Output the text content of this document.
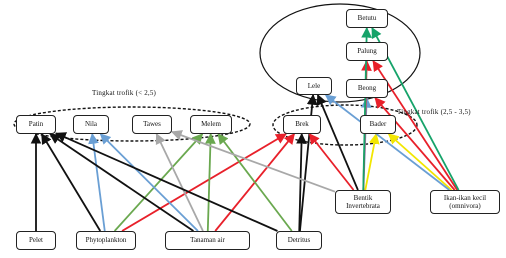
Tingkat trofik (< 2,5)
Tingkat trofik (2,5 - 3,5)
Betutu
Palung
Beong
Lele
Patin	Nila	Tawes	Melem	Brek	Bader
Bentik
Invertebrata
Ikan-ikan kecil
(omnivora)
Pelet	Phytoplankton	Tanaman air	Detritus
